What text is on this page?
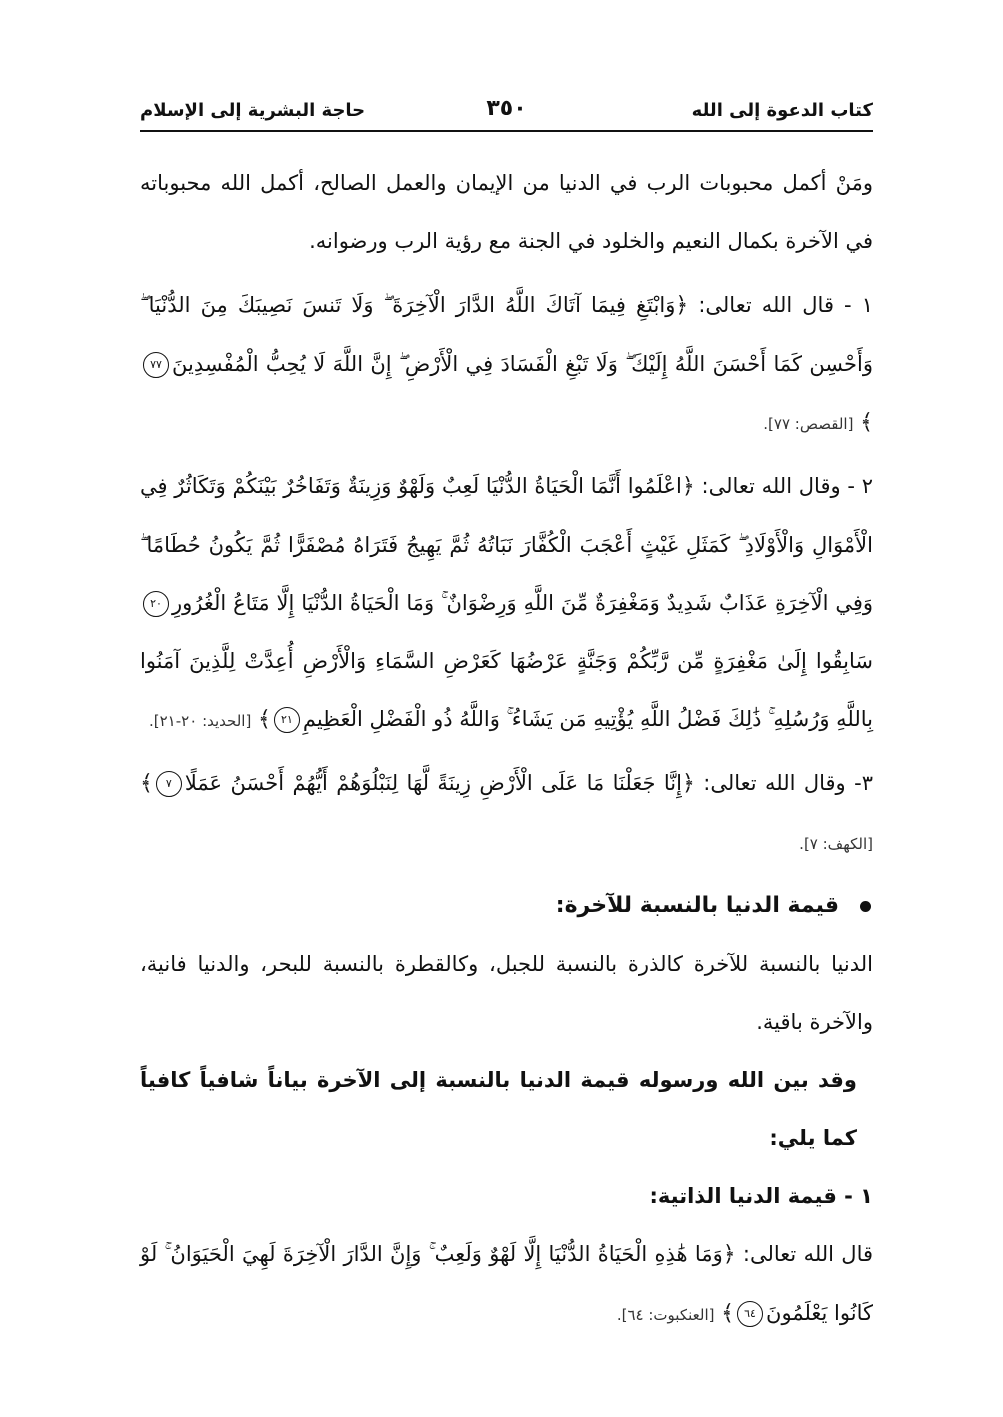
كتاب الدعوة إلى الله
٣٥٠
حاجة البشرية إلى الإسلام

ومَنْ أكمل محبوبات الرب في الدنيا من الإيمان والعمل الصالح، أكمل الله محبوباته في الآخرة بكمال النعيم والخلود في الجنة مع رؤية الرب ورضوانه.

١ - قال الله تعالى: ﴿وَابْتَغِ فِيمَا آتَاكَ اللَّهُ الدَّارَ الْآخِرَةَ ۖ وَلَا تَنسَ نَصِيبَكَ مِنَ الدُّنْيَا ۖ وَأَحْسِن كَمَا أَحْسَنَ اللَّهُ إِلَيْكَ ۖ وَلَا تَبْغِ الْفَسَادَ فِي الْأَرْضِ ۖ إِنَّ اللَّهَ لَا يُحِبُّ الْمُفْسِدِينَ٧٧﴾ [القصص: ٧٧].

٢ - وقال الله تعالى: ﴿اعْلَمُوا أَنَّمَا الْحَيَاةُ الدُّنْيَا لَعِبٌ وَلَهْوٌ وَزِينَةٌ وَتَفَاخُرٌ بَيْنَكُمْ وَتَكَاثُرٌ فِي الْأَمْوَالِ وَالْأَوْلَادِ ۖ كَمَثَلِ غَيْثٍ أَعْجَبَ الْكُفَّارَ نَبَاتُهُ ثُمَّ يَهِيجُ فَتَرَاهُ مُصْفَرًّا ثُمَّ يَكُونُ حُطَامًا ۖ وَفِي الْآخِرَةِ عَذَابٌ شَدِيدٌ وَمَغْفِرَةٌ مِّنَ اللَّهِ وَرِضْوَانٌ ۚ وَمَا الْحَيَاةُ الدُّنْيَا إِلَّا مَتَاعُ الْغُرُورِ٢٠سَابِقُوا إِلَىٰ مَغْفِرَةٍ مِّن رَّبِّكُمْ وَجَنَّةٍ عَرْضُهَا كَعَرْضِ السَّمَاءِ وَالْأَرْضِ أُعِدَّتْ لِلَّذِينَ آمَنُوا بِاللَّهِ وَرُسُلِهِ ۚ ذَٰلِكَ فَضْلُ اللَّهِ يُؤْتِيهِ مَن يَشَاءُ ۚ وَاللَّهُ ذُو الْفَضْلِ الْعَظِيمِ٢١﴾ [الحديد: ٢٠-٢١].

٣- وقال الله تعالى: ﴿إِنَّا جَعَلْنَا مَا عَلَى الْأَرْضِ زِينَةً لَّهَا لِنَبْلُوَهُمْ أَيُّهُمْ أَحْسَنُ عَمَلًا٧﴾ [الكهف: ٧].

قيمة الدنيا بالنسبة للآخرة:

الدنيا بالنسبة للآخرة كالذرة بالنسبة للجبل، وكالقطرة بالنسبة للبحر، والدنيا فانية، والآخرة باقية.

وقد بين الله ورسوله قيمة الدنيا بالنسبة إلى الآخرة بياناً شافياً كافياً كما يلي:

١ - قيمة الدنيا الذاتية:

قال الله تعالى: ﴿وَمَا هَٰذِهِ الْحَيَاةُ الدُّنْيَا إِلَّا لَهْوٌ وَلَعِبٌ ۚ وَإِنَّ الدَّارَ الْآخِرَةَ لَهِيَ الْحَيَوَانُ ۚ لَوْ كَانُوا يَعْلَمُونَ٦٤﴾ [العنكبوت: ٦٤].
